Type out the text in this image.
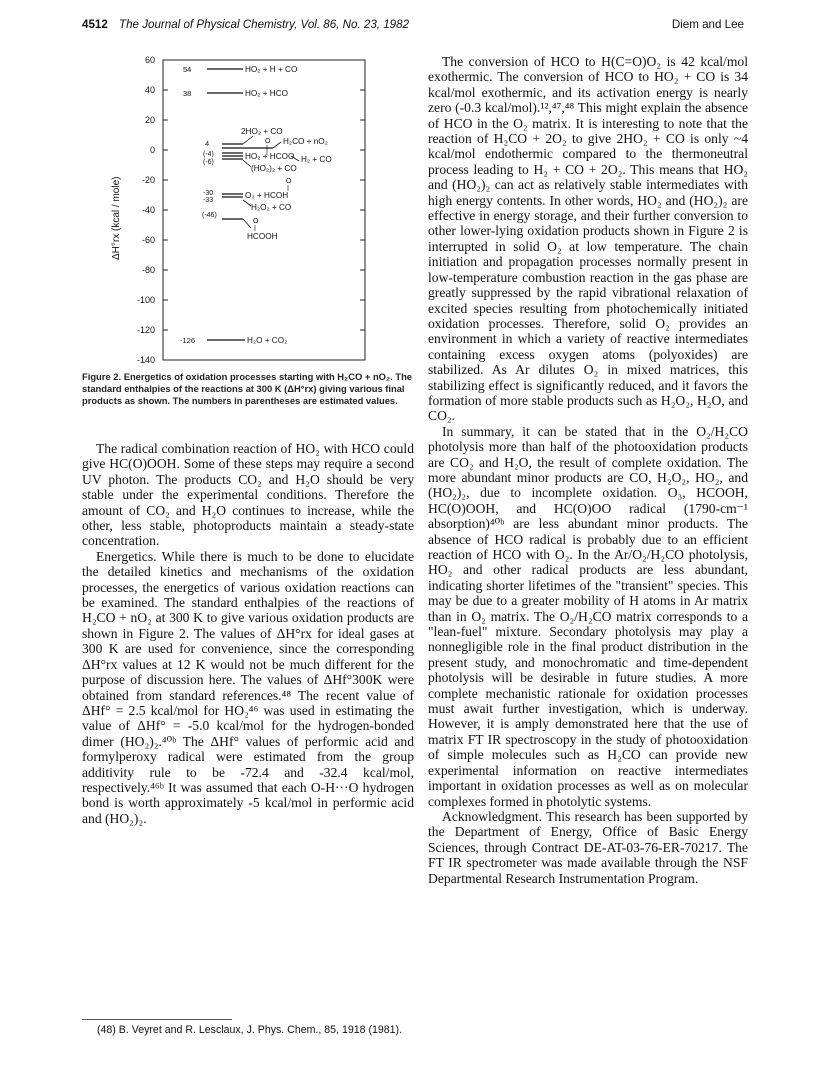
4512 The Journal of Physical Chemistry, Vol. 86, No. 23, 1982	Diem and Lee
ΔH°rx (kcal / mole)
60
40
20
0
-20
-40
-60
-80
-100
-120
-140
54	HO₂ + H + CO
38	HO₂ + HCO
2HO₂ + CO
4	H₂CO + nO₂
O
(-4)	HO₂ + HCOO
(-6)	H₂ + CO
(HO₂)₂ + CO
-30	O₃ + HCOH
O
-33
H₂O₂ + CO
(-46)
O
HCOOH
-126	H₂O + CO₂

Figure 2. Energetics of oxidation processes starting with H₂CO + nO₂. The standard enthalpies of the reactions at 300 K (ΔH°rx) giving various final products as shown. The numbers in parentheses are estimated values.

The radical combination reaction of HO₂ with HCO could give HC(O)OOH. Some of these steps may require a second UV photon. The products CO₂ and H₂O should be very stable under the experimental conditions. Therefore the amount of CO₂ and H₂O continues to increase, while the other, less stable, photoproducts maintain a steady-state concentration.

Energetics. While there is much to be done to elucidate the detailed kinetics and mechanisms of the oxidation processes, the energetics of various oxidation reactions can be examined. The standard enthalpies of the reactions of H₂CO + nO₂ at 300 K to give various oxidation products are shown in Figure 2. The values of ΔH°rx for ideal gases at 300 K are used for convenience, since the corresponding ΔH°rx values at 12 K would not be much different for the purpose of discussion here. The values of ΔHf°300K were obtained from standard references.⁴⁸ The recent value of ΔHf° = 2.5 kcal/mol for HO₂⁴⁶ was used in estimating the value of ΔHf° = -5.0 kcal/mol for the hydrogen-bonded dimer (HO₂)₂.⁴⁰ᵇ The ΔHf° values of performic acid and formylperoxy radical were estimated from the group additivity rule to be -72.4 and -32.4 kcal/mol, respectively.⁴⁶ᵇ It was assumed that each O-H···O hydrogen bond is worth approximately -5 kcal/mol in performic acid and (HO₂)₂.

The conversion of HCO to H(C=O)O₂ is 42 kcal/mol exothermic. The conversion of HCO to HO₂ + CO is 34 kcal/mol exothermic, and its activation energy is nearly zero (-0.3 kcal/mol).¹²,⁴⁷,⁴⁸ This might explain the absence of HCO in the O₂ matrix. It is interesting to note that the reaction of H₂CO + 2O₂ to give 2HO₂ + CO is only ~4 kcal/mol endothermic compared to the thermoneutral process leading to H₂ + CO + 2O₂. This means that HO₂ and (HO₂)₂ can act as relatively stable intermediates with high energy contents. In other words, HO₂ and (HO₂)₂ are effective in energy storage, and their further conversion to other lower-lying oxidation products shown in Figure 2 is interrupted in solid O₂ at low temperature. The chain initiation and propagation processes normally present in low-temperature combustion reaction in the gas phase are greatly suppressed by the rapid vibrational relaxation of excited species resulting from photochemically initiated oxidation processes. Therefore, solid O₂ provides an environment in which a variety of reactive intermediates containing excess oxygen atoms (polyoxides) are stabilized. As Ar dilutes O₂ in mixed matrices, this stabilizing effect is significantly reduced, and it favors the formation of more stable products such as H₂O₂, H₂O, and CO₂.

In summary, it can be stated that in the O₂/H₂CO photolysis more than half of the photooxidation products are CO₂ and H₂O, the result of complete oxidation. The more abundant minor products are CO, H₂O₂, HO₂, and (HO₂)₂, due to incomplete oxidation. O₃, HCOOH, HC(O)OOH, and HC(O)OO radical (1790-cm⁻¹ absorption)⁴⁰ᵇ are less abundant minor products. The absence of HCO radical is probably due to an efficient reaction of HCO with O₂. In the Ar/O₂/H₂CO photolysis, HO₂ and other radical products are less abundant, indicating shorter lifetimes of the "transient" species. This may be due to a greater mobility of H atoms in Ar matrix than in O₂ matrix. The O₂/H₂CO matrix corresponds to a "lean-fuel" mixture. Secondary photolysis may play a nonnegligible role in the final product distribution in the present study, and monochromatic and time-dependent photolysis will be desirable in future studies. A more complete mechanistic rationale for oxidation processes must await further investigation, which is underway. However, it is amply demonstrated here that the use of matrix FT IR spectroscopy in the study of photooxidation of simple molecules such as H₂CO can provide new experimental information on reactive intermediates important in oxidation processes as well as on molecular complexes formed in photolytic systems.

Acknowledgment. This research has been supported by the Department of Energy, Office of Basic Energy Sciences, through Contract DE-AT-03-76-ER-70217. The FT IR spectrometer was made available through the NSF Departmental Research Instrumentation Program.

(48) B. Veyret and R. Lesclaux, J. Phys. Chem., 85, 1918 (1981).
